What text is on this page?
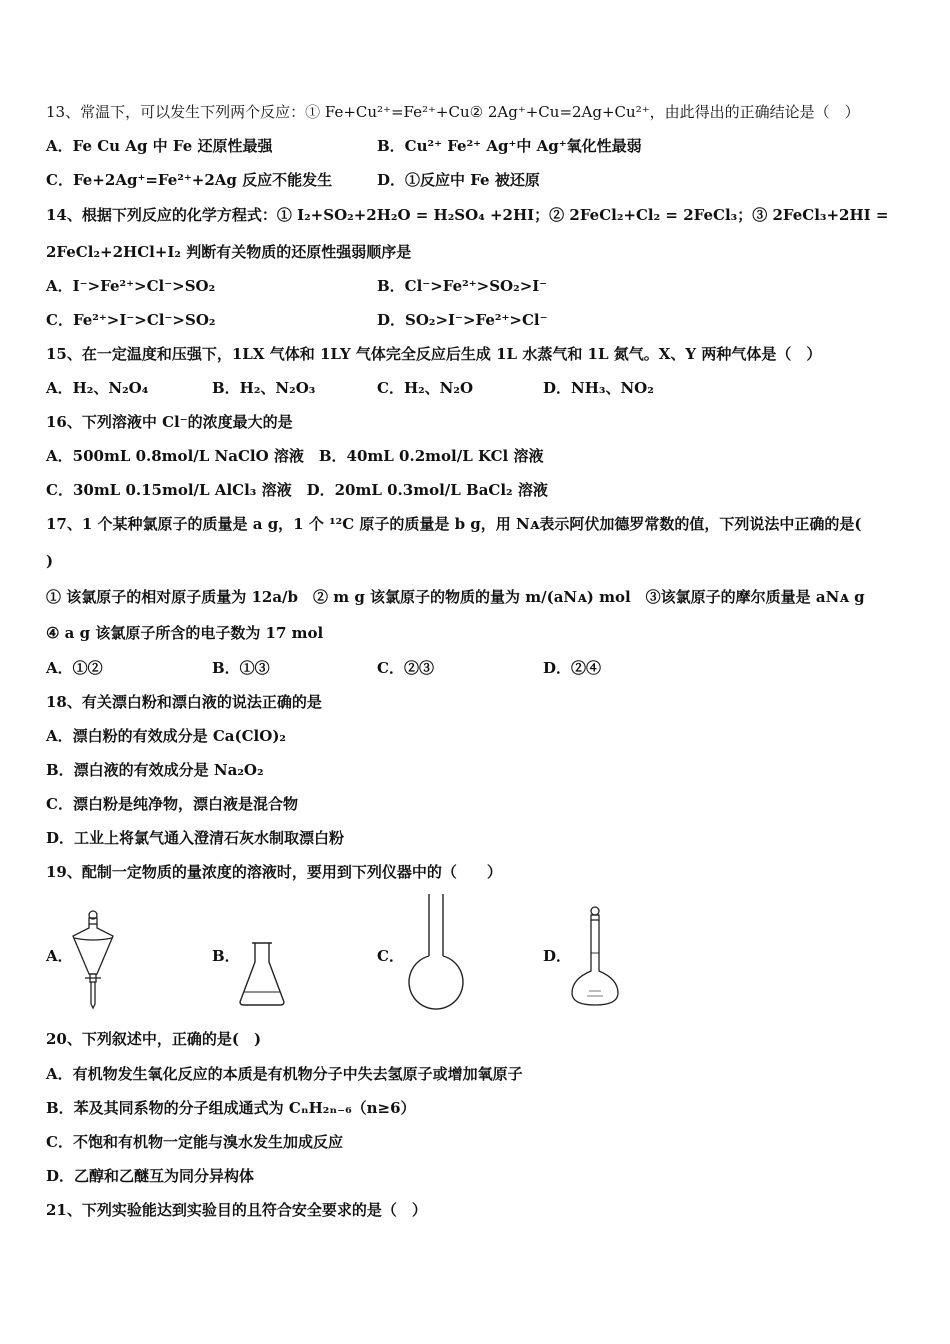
13、常温下，可以发生下列两个反应：① Fe+Cu²⁺=Fe²⁺+Cu② 2Ag⁺+Cu=2Ag+Cu²⁺，由此得出的正确结论是（　）
A．Fe Cu Ag 中 Fe 还原性最强	B．Cu²⁺ Fe²⁺ Ag⁺中 Ag⁺氧化性最弱
C．Fe+2Ag⁺=Fe²⁺+2Ag 反应不能发生	D．①反应中 Fe 被还原
14、根据下列反应的化学方程式：① I₂+SO₂+2H₂O = H₂SO₄ +2HI；② 2FeCl₂+Cl₂ = 2FeCl₃；③ 2FeCl₃+2HI =
2FeCl₂+2HCl+I₂ 判断有关物质的还原性强弱顺序是
A．I⁻>Fe²⁺>Cl⁻>SO₂	B．Cl⁻>Fe²⁺>SO₂>I⁻
C．Fe²⁺>I⁻>Cl⁻>SO₂	D．SO₂>I⁻>Fe²⁺>Cl⁻
15、在一定温度和压强下，1LX 气体和 1LY 气体完全反应后生成 1L 水蒸气和 1L 氮气。X、Y 两种气体是（　）
A．H₂、N₂O₄	B．H₂、N₂O₃	C．H₂、N₂O	D．NH₃、NO₂
16、下列溶液中 Cl⁻的浓度最大的是
A．500mL 0.8mol/L NaClO 溶液　B．40mL 0.2mol/L KCl 溶液
C．30mL 0.15mol/L AlCl₃ 溶液　D．20mL 0.3mol/L BaCl₂ 溶液
17、1 个某种氯原子的质量是 a g，1 个 ¹²C 原子的质量是 b g，用 Nᴀ表示阿伏加德罗常数的值，下列说法中正确的是(
)
① 该氯原子的相对原子质量为 12a/b　② m g 该氯原子的物质的量为 m/(aNᴀ) mol　③该氯原子的摩尔质量是 aNᴀ g
④ a g 该氯原子所含的电子数为 17 mol
A．①②	B．①③	C．②③	D．②④
18、有关漂白粉和漂白液的说法正确的是
A．漂白粉的有效成分是 Ca(ClO)₂
B．漂白液的有效成分是 Na₂O₂
C．漂白粉是纯净物，漂白液是混合物
D．工业上将氯气通入澄清石灰水制取漂白粉
19、配制一定物质的量浓度的溶液时，要用到下列仪器中的（　　）
A．	B．	C．	D．
20、下列叙述中，正确的是(　)
A．有机物发生氧化反应的本质是有机物分子中失去氢原子或增加氧原子
B．苯及其同系物的分子组成通式为 CₙH₂ₙ₋₆（n≥6）
C．不饱和有机物一定能与溴水发生加成反应
D．乙醇和乙醚互为同分异构体
21、下列实验能达到实验目的且符合安全要求的是（　）
